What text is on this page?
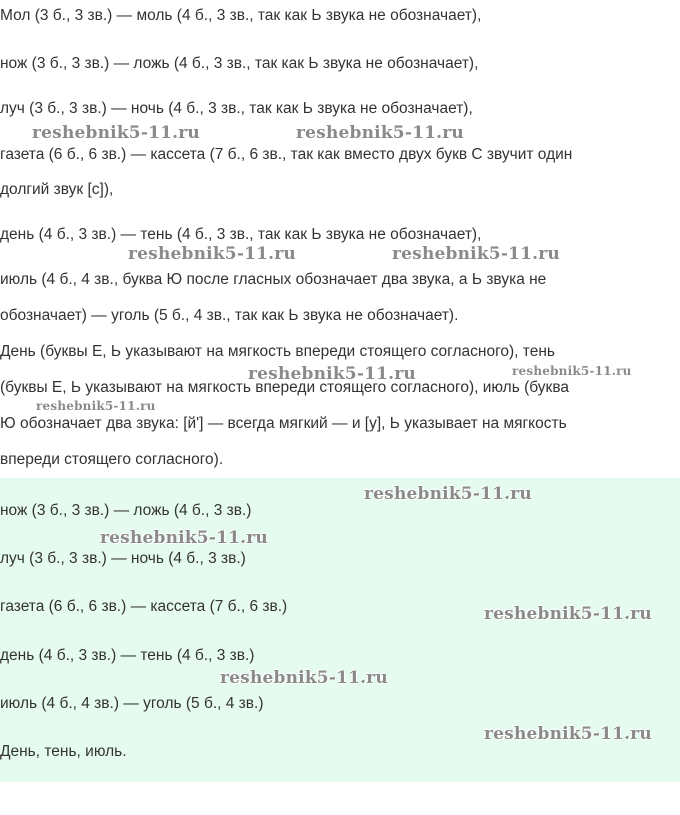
Мол (3 б., 3 зв.) — моль (4 б., 3 зв., так как Ь звука не обозначает),
нож (3 б., 3 зв.) — ложь (4 б., 3 зв., так как Ь звука не обозначает),
луч (3 б., 3 зв.) — ночь (4 б., 3 зв., так как Ь звука не обозначает),
газета (6 б., 6 зв.) — кассета (7 б., 6 зв., так как вместо двух букв С звучит один
долгий звук [с]),
день (4 б., 3 зв.) — тень (4 б., 3 зв., так как Ь звука не обозначает),
июль (4 б., 4 зв., буква Ю после гласных обозначает два звука, а Ь звука не
обозначает) — уголь (5 б., 4 зв., так как Ь звука не обозначает).
День (буквы Е, Ь указывают на мягкость впереди стоящего согласного), тень
(буквы Е, Ь указывают на мягкость впереди стоящего согласного), июль (буква
Ю обозначает два звука: [й'] — всегда мягкий — и [у], Ь указывает на мягкость
впереди стоящего согласного).
нож (3 б., 3 зв.) — ложь (4 б., 3 зв.)
луч (3 б., 3 зв.) — ночь (4 б., 3 зв.)
газета (6 б., 6 зв.) — кассета (7 б., 6 зв.)
день (4 б., 3 зв.) — тень (4 б., 3 зв.)
июль (4 б., 4 зв.) — уголь (5 б., 4 зв.)
День, тень, июль.
reshebnik5-11.ru	reshebnik5-11.ru
reshebnik5-11.ru	reshebnik5-11.ru
reshebnik5-11.ru	reshebnik5-11.ru
reshebnik5-11.ru
reshebnik5-11.ru
reshebnik5-11.ru
reshebnik5-11.ru
reshebnik5-11.ru
reshebnik5-11.ru
